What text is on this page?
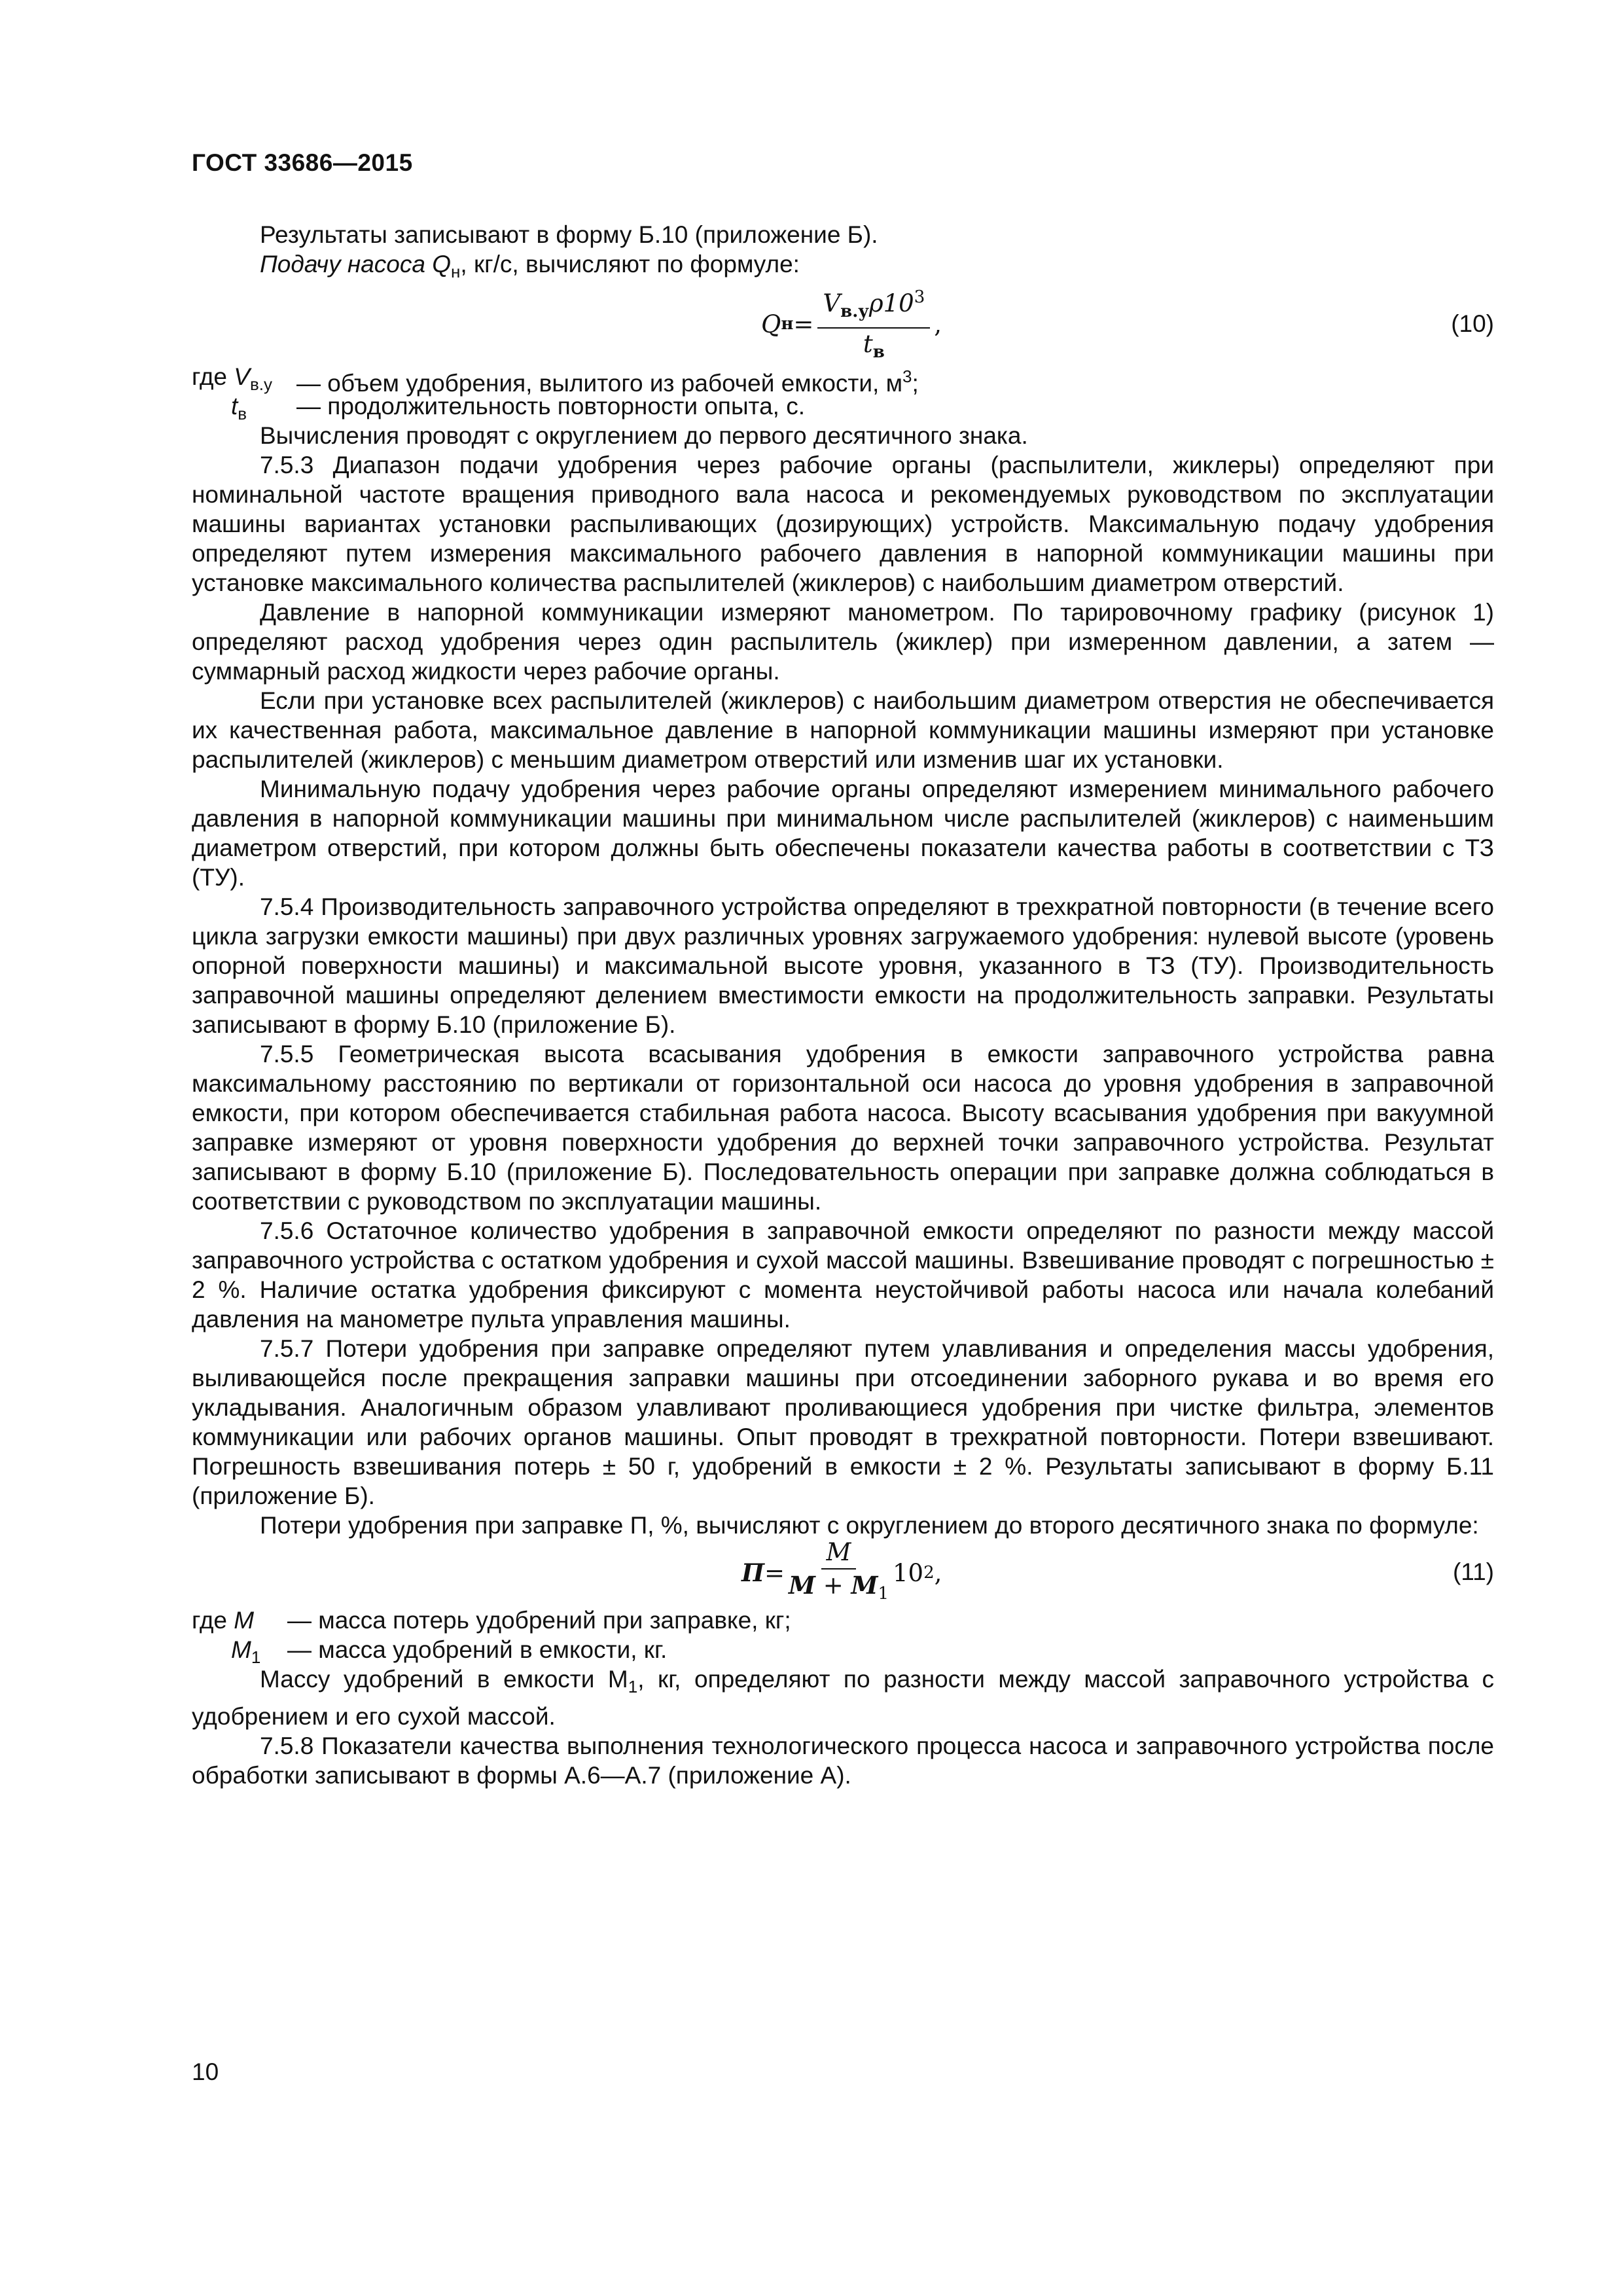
ГОСТ 33686—2015

Результаты записывают в форму Б.10 (приложение Б).

Подачу насоса $Q_н$, кг/с, вычисляют по формуле:

Q $н = \frac{V_{в.у}\rho 10^3}{t_в}$ ,	(10)
где $V_{в.у}$ — объем удобрения, вылитого из рабочей емкости, $м^3$;
$t_в$ — продолжительность повторности опыта, с.

Вычисления проводят с округлением до первого десятичного знака.

7.5.3 Диапазон подачи удобрения через рабочие органы (распылители, жиклеры) определяют при номинальной частоте вращения приводного вала насоса и рекомендуемых руководством по эксплуатации машины вариантах установки распыливающих (дозирующих) устройств. Максимальную подачу удобрения определяют путем измерения максимального рабочего давления в напорной коммуникации машины при установке максимального количества распылителей (жиклеров) с наибольшим диаметром отверстий.

Давление в напорной коммуникации измеряют манометром. По тарировочному графику (рисунок 1) определяют расход удобрения через один распылитель (жиклер) при измеренном давлении, а затем — суммарный расход жидкости через рабочие органы.

Если при установке всех распылителей (жиклеров) с наибольшим диаметром отверстия не обеспечивается их качественная работа, максимальное давление в напорной коммуникации машины измеряют при установке распылителей (жиклеров) с меньшим диаметром отверстий или изменив шаг их установки.

Минимальную подачу удобрения через рабочие органы определяют измерением минимального рабочего давления в напорной коммуникации машины при минимальном числе распылителей (жиклеров) с наименьшим диаметром отверстий, при котором должны быть обеспечены показатели качества работы в соответствии с ТЗ (ТУ).

7.5.4 Производительность заправочного устройства определяют в трехкратной повторности (в течение всего цикла загрузки емкости машины) при двух различных уровнях загружаемого удобрения: нулевой высоте (уровень опорной поверхности машины) и максимальной высоте уровня, указанного в ТЗ (ТУ). Производительность заправочной машины определяют делением вместимости емкости на продолжительность заправки. Результаты записывают в форму Б.10 (приложение Б).

7.5.5 Геометрическая высота всасывания удобрения в емкости заправочного устройства равна максимальному расстоянию по вертикали от горизонтальной оси насоса до уровня удобрения в заправочной емкости, при котором обеспечивается стабильная работа насоса. Высоту всасывания удобрения при вакуумной заправке измеряют от уровня поверхности удобрения до верхней точки заправочного устройства. Результат записывают в форму Б.10 (приложение Б). Последовательность операции при заправке должна соблюдаться в соответствии с руководством по эксплуатации машины.

7.5.6 Остаточное количество удобрения в заправочной емкости определяют по разности между массой заправочного устройства с остатком удобрения и сухой массой машины. Взвешивание проводят с погрешностью ± 2 %. Наличие остатка удобрения фиксируют с момента неустойчивой работы насоса или начала колебаний давления на манометре пульта управления машины.

7.5.7 Потери удобрения при заправке определяют путем улавливания и определения массы удобрения, выливающейся после прекращения заправки машины при отсоединении заборного рукава и во время его укладывания. Аналогичным образом улавливают проливающиеся удобрения при чистке фильтра, элементов коммуникации или рабочих органов машины. Опыт проводят в трехкратной повторности. Потери взвешивают. Погрешность взвешивания потерь ± 50 г, удобрений в емкости ± 2 %. Результаты записывают в форму Б.11 (приложение Б).

Потери удобрения при заправке П, %, вычисляют с округлением до второго десятичного знака по формуле:

$П = \frac{M}{M + M_1} 10$ 2 ,	(11)
где M — масса потерь удобрений при заправке, кг;
$M_1$ — масса удобрений в емкости, кг.

Массу удобрений в емкости $M_1$, кг, определяют по разности между массой заправочного устройства с удобрением и его сухой массой.

7.5.8 Показатели качества выполнения технологического процесса насоса и заправочного устройства после обработки записывают в формы А.6—А.7 (приложение А).

10
